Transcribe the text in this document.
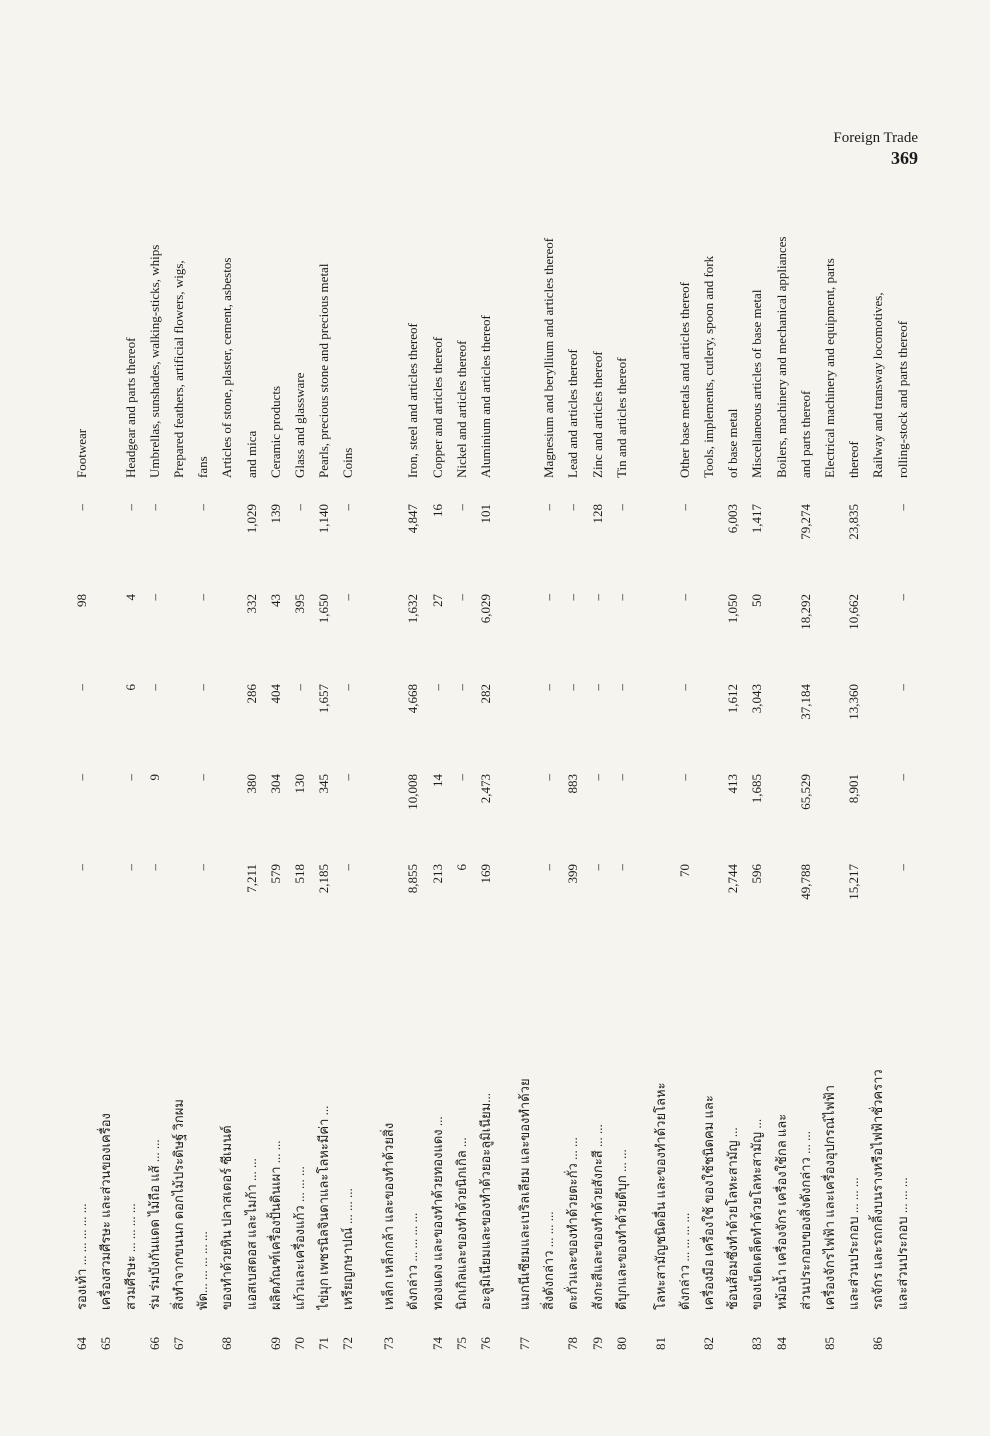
Foreign Trade
369
64
รองเท้า ... ... ... ... ...
–
–
–
98
–
Footwear
65
เครื่องสวมศีรษะ และส่วนของเครื่อง สวมศีรษะ ... ... ... ...
–
–
6
4
–
Headgear and parts thereof
66
ร่ม ร่มบังกันแดด ไม้ถือ แส้ ... ...
–
9
–
–
–
Umbrellas, sunshades, walking-sticks, whips
67
สิ่งทำจากขนนก ดอกไม้ประดิษฐ์ วิกผม
Prepared feathers, artificial flowers, wigs,
พัด... ... ... ... ...
–
–
–
–
–
fans
68
ของทำด้วยหิน ปลาสเตอร์ ซีเมนต์
Articles of stone, plaster, cement, asbestos
แอสเบสตอส และไมก้า ... ...
7,211
380
286
332
1,029
and mica
69
ผลิตภัณฑ์เครื่องปั้นดินเผา ... ...
579
304
404
43
139
Ceramic products
70
แก้วและเครื่องแก้ว ... ... ...
518
130
–
395
–
Glass and glassware
71
ไข่มุก เพชรนิลจินดาและโลหะมีค่า ...
2,185
345
1,657
1,650
1,140
Pearls, precious stone and precious metal
72
เหรียญกษาปณ์ ... ... ...
–
–
–
–
–
Coins
73
เหล็ก เหล็กกล้า และของทำด้วยสิ่ง ดังกล่าว ... ... ... ...
8,855
10,008
4,668
1,632
4,847
Iron, steel and articles thereof
74
ทองแดง และของทำด้วยทองแดง ...
213
14
–
27
16
Copper and articles thereof
75
นิกเกิลและของทำด้วยนิกเกิล ...
6
–
–
–
–
Nickel and articles thereof
76
อะลูมิเนียมและของทำด้วยอะลูมิเนียม...
169
2,473
282
6,029
101
Aluminium and articles thereof
77
แมกนีเซียมและเบริลเลียม และของทำด้วย สิ่งดังกล่าว ... ... ...
–
–
–
–
–
Magnesium and beryllium and articles thereof
78
ตะกั่วและของทำด้วยตะกั่ว ... ...
399
883
–
–
–
Lead and articles thereof
79
สังกะสีและของทำด้วยสังกะสี ... ...
–
–
–
–
128
Zinc and articles thereof
80
ดีบุกและของทำด้วยดีบุก ... ...
–
–
–
–
–
Tin and articles thereof
81
โลหะสามัญชนิดอื่น และของทำด้วยโลหะ ดังกล่าว ... ... ... ...
70
–
–
–
–
Other base metals and articles thereof
82
เครื่องมือ เครื่องใช้ ของใช้ชนิดคม และ
Tools, implements, cutlery, spoon and fork
ช้อนส้อมซึ่งทำด้วยโลหะสามัญ ...
2,744
413
1,612
1,050
6,003
of base metal
83
ของเบ็ดเตล็ดทำด้วยโลหะสามัญ ...
596
1,685
3,043
50
1,417
Miscellaneous articles of base metal
84
หม้อน้ำ เครื่องจักร เครื่องใช้กล และ
Boilers, machinery and mechanical appliances
ส่วนประกอบของสิ่งดังกล่าว ... ...
49,788
65,529
37,184
18,292
79,274
and parts thereof
85
เครื่องจักรไฟฟ้า และเครื่องอุปกรณ์ไฟฟ้า
Electrical machinery and equipment, parts
และส่วนประกอบ ... ... ...
15,217
8,901
13,360
10,662
23,835
thereof
86
รถจักร และรถกลิ้งบนรางหรือไฟฟ้าชั่วคราว
Railway and transway locomotives,
และส่วนประกอบ ... ... ...
–
–
–
–
–
rolling-stock and parts thereof
